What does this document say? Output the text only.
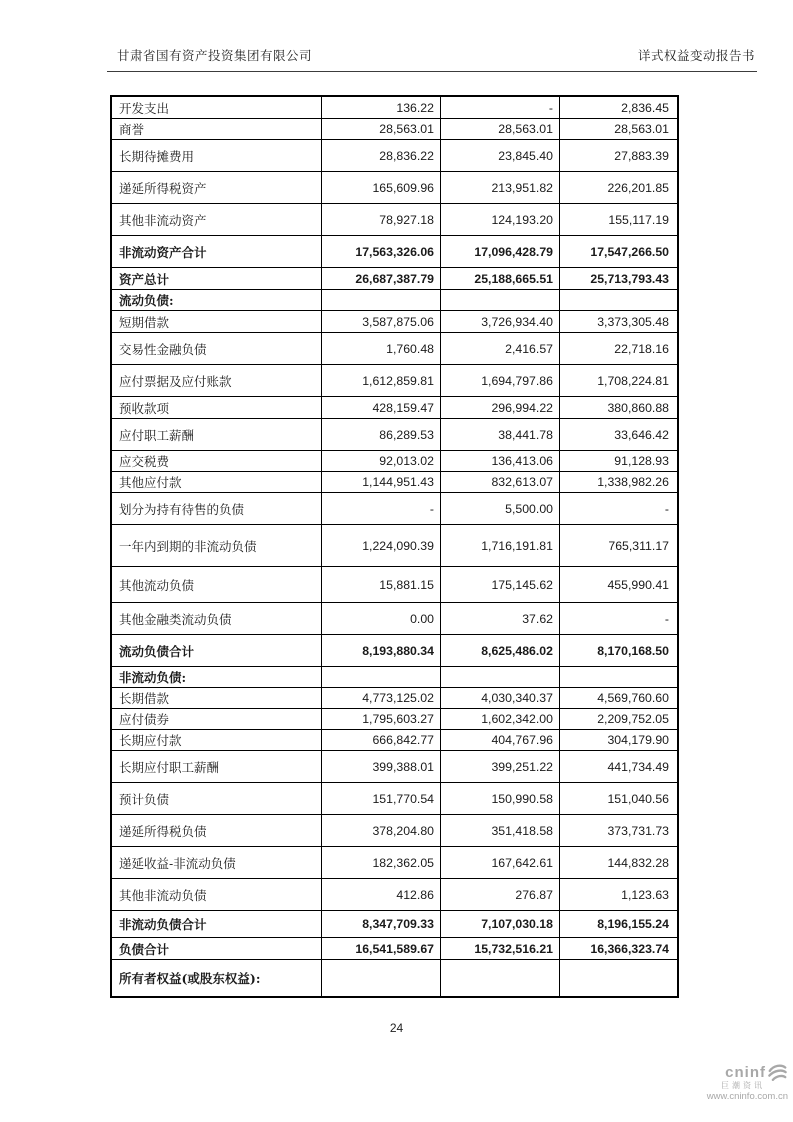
甘肃省国有资产投资集团有限公司	详式权益变动报告书
开发支出	136.22	-	2,836.45
商誉	28,563.01	28,563.01	28,563.01
长期待摊费用	28,836.22	23,845.40	27,883.39
递延所得税资产	165,609.96	213,951.82	226,201.85
其他非流动资产	78,927.18	124,193.20	155,117.19
非流动资产合计	17,563,326.06	17,096,428.79	17,547,266.50
资产总计	26,687,387.79	25,188,665.51	25,713,793.43
流动负债:
短期借款	3,587,875.06	3,726,934.40	3,373,305.48
交易性金融负债	1,760.48	2,416.57	22,718.16
应付票据及应付账款	1,612,859.81	1,694,797.86	1,708,224.81
预收款项	428,159.47	296,994.22	380,860.88
应付职工薪酬	86,289.53	38,441.78	33,646.42
应交税费	92,013.02	136,413.06	91,128.93
其他应付款	1,144,951.43	832,613.07	1,338,982.26
划分为持有待售的负债	-	5,500.00	-
一年内到期的非流动负债	1,224,090.39	1,716,191.81	765,311.17
其他流动负债	15,881.15	175,145.62	455,990.41
其他金融类流动负债	0.00	37.62	-
流动负债合计	8,193,880.34	8,625,486.02	8,170,168.50
非流动负债:
长期借款	4,773,125.02	4,030,340.37	4,569,760.60
应付债券	1,795,603.27	1,602,342.00	2,209,752.05
长期应付款	666,842.77	404,767.96	304,179.90
长期应付职工薪酬	399,388.01	399,251.22	441,734.49
预计负债	151,770.54	150,990.58	151,040.56
递延所得税负债	378,204.80	351,418.58	373,731.73
递延收益-非流动负债	182,362.05	167,642.61	144,832.28
其他非流动负债	412.86	276.87	1,123.63
非流动负债合计	8,347,709.33	7,107,030.18	8,196,155.24
负债合计	16,541,589.67	15,732,516.21	16,366,323.74
所有者权益(或股东权益):
24
cninf
巨潮资讯
www.cninfo.com.cn
